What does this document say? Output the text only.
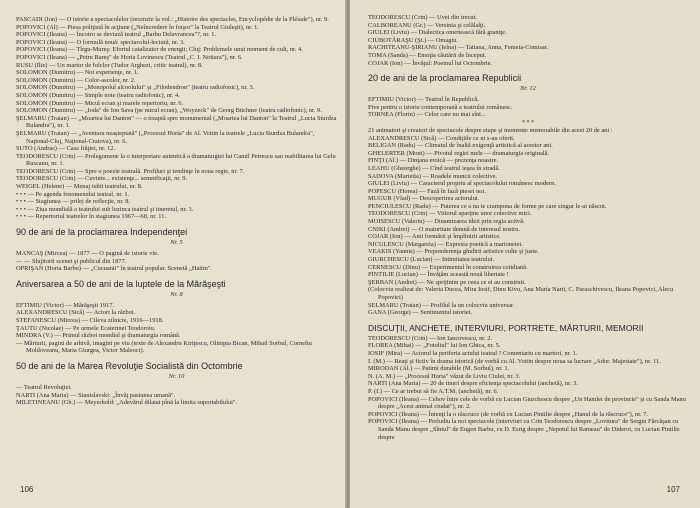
PASCADI (Ion) — O istorie a spectacolelor (recenzie la vol.: „Histoire des spectacles, Encyclopédie de la Pléiade"), nr. 9.

POPOVICI (Al) — Piesa poliţistă în acţiune („Neîncredere în foişor" la Teatrul Giuleşti), nr. 1.

POPOVICI (Ileana) — Încotro se deviază teatrul „Barbu Delavrancea"?, nr. 1.

POPOVICI (Ileana) — O formulă nouă: spectacolul-lectură, nr. 3.

POPOVICI (Ileana) — Tîrgu-Mureş: Efortul catalizator de energii; Cluj: Problemele unui moment de cult, nr. 4.

POPOVICI (Ileana) — „Petru Rareş" de Horia Lovinescu (Teatrul „C. I. Nottara"), nr. 6.

RUSU (Ilie) — Un martor de folclor (Tudor Arghezi, critic teatral), nr. 8.

SOLOMON (Dumitru) — Noi experienţe, nr. 1.

SOLOMON (Dumitru) — Color-ascolor, nr. 2.

SOLOMON (Dumitru) — „Monopolul alcoolului" şi „Filodendron" (teatru radiofonic), nr. 3.

SOLOMON (Dumitru) — Simple note (teatru radiofonic), nr. 4.

SOLOMON (Dumitru) — Micul ecran şi marele repertoriu, nr. 6.

SOLOMON (Dumitru) — „Ioda" de Ion Sava (pe micul ecran), „Woyzeck" de Georg Büchner (teatru radiofonic), nr. 9.

ŞELMARU (Traian) — „Moartea lui Danton" — o treaptă spre monumental („Moartea lui Danton" la Teatrul „Lucia Sturdza Bulandra"), nr. 1.

ŞELMARU (Traian) — „Aventura neaşteptată" („Procesul Horia" de Al. Voitin la teatrele „Lucia Sturdza Bulandra", Naţional-Cluj, Naţional-Craiova), nr. 6.

SUTO (Andras) — Casa frăţiei, nr. 12.

TEODORESCU (Crin) — Prolegomene la o interpretare autentică a dramaturgiei lui Camil Petrescu sau reabilitarea lui Gelu Ruscanu, nr. 1.

TEODORESCU (Crin) — Spre o poezie teatrală. Profiluri şi tendinţe în noua regie, nr. 7.

TEODORESCU (Crin) — Cuvinte... existenţe... semnificaţii, nr. 9.

WEIGEL (Helene) — Menaj iubit teatrului, nr. 8.

• • • — Pe agenda fenomenului teatral, nr. 1.

• • • — Stagiunea — prilej de reflecţie, nr. 8.

• • • — Ziua mondială a teatrului sub lozinca teatrul şi tineretul, nr. 3.

• • • — Repertoriul teatrelor în stagiunea 1967—68, nr. 11.

90 de ani de la proclamarea Independenţei
Nr. 5

MANCAŞ (Mircea) — 1877 — O pagină de istorie vie.

— — Slujitorii scenei şi publicul din 1877.

OPRIŞAN (Horia Barbu) — „Cucuanii" în teatrul popular. Scenetă „Haiim".

Aniversarea a 50 de ani de la luptele de la Mărăşeşti
Nr. 8

EFTIMIU (Victor) — Mărăşeşti 1917.

ALEXANDRESCU (Sică) — Actori la război.

STEFANESCU (Mircea) — Cileva zilnicte, 1916—1918.

ŢAUTU (Nicolae) — Pe urmele Ecaterinei Teodoroiu.

MINDRA (V.) — Primul război mondial şi dramaturgia română.

— Mărturii, pagini de arhivă, imagini pe viu (texte de Alexandru Kiriţescu, Olimpia Bican, Mihail Sorbul, Corneliu Moldoveanu, Maria Giurgea, Victor Maleoci).

50 de ani de la Marea Revoluţie Socialistă din Octombrie
Nr. 10

— Teatrul Revoluţiei.

NARTI (Ana Maria) — Stanislavski: „Învăţ pasiunea umană".

MILETINEANU (Gh.) — Meyerhold: „Adevărul dilatat pînă la limita suportabilului".

106

TEODORESCU (Crin) — Uvei din trecut.

CALBOREANU (Gr.) — Versinia şi celălalţi.

GIULEI (Liviu) — Dialectica omenească fără graniţe.

CIUBOTĂRAŞU (Şt.) — Omagiu.

RACHITEANU-ŞIRIANU (Ielna) — Tatiana, Anna, Femeia-Comisar.

TOMA (Sanda) — Emoţia căutării de început.

COJAR (Ion) — Învăţul: Poemul lui Octombrie.

20 de ani de la proclamarea Republicii
Nr. 12

EFTIMIU (Victor) — Teatrul în Republică.

Five pentru o istorie contemporană a teatrului românesc.

TORNEA (Florin) — Celor care nu mai sînt...

* * *

21 animatori şi creatori de spectacole despre etape şi momente memorabile din acest 20 de ani :

ALEXANDRESCU (Sică) — Condiţiile ce ni s-au oferit.

BELIGAN (Radu) — Climatul de înaltă exigenţă artistică al acestor ani.

GHELERTER (Moni) — Pivotul regiei mele — dramaturgia originală.

FINŢI (Al.) — Dinţana eroică — prezenţa noastre.

LEAHU (Gheorghe) — Cînd teatrul ieşea în stradă.

SADOVA (Marietta) — Roadele muncii colective.

GIULEI (Liviu) — Caracterul propriu al spectacolului românesc modern.

POPESCU (Horea) — Fază în fază piesei noi.

MUGUR (Vlad) — Descoperirea actorului.

PENCIULESCU (Radu) — Puterea ce a nu te crampona de forme pe care singur le-ai născut.

TEODORESCU (Crin) — Viitorul aparţine unor colective mici.

MOISESCU (Valeriu) — Dinamizarea ideii prin regia activă.

CNIKI (Andrei) — O maturitate demnă de interesul nostru.

COJAR (Ion) — Anii formării şi împlinirii artistice.

NICULESCU (Margareta) — Expresia poetică a marionetei.

VEAKIS (Yannis) — Preponderenţa gîndirii artistice culte şi juste.

GIURCHESCU (Lucian) — Intimitatea teatrului.

CERNESCU (Dinu) — Experimentul în construirea cotidiană.

PINTILIE (Lucian) — Învăţăm această nouă libertate !

ŞERBAN (Andrei) — Ne sprijinim pe ceea ce ei au construit.

(Colocviu realizat de: Valeria Ducea, Mira Iosif, Dinu Kivu, Ana Maria Narti, C. Paraschivescu, Ileana Popovici, Alecu Popovici)

SELMARU (Traian) — Profilul la un colocviu universar.

GANA (George) — Sentimentul istoriei.

DISCUŢII, ANCHETE, INTERVIURI, PORTRETE, MĂRTURII, MEMORII

TEODORESCU (Crin) — Ion Iancovescu, nr. 2.

FLOREA (Mihai) — „Fotoliul" lui Ion Ghica, nr. 5.

IOSIF (Mira) — Actorul la periferia actului teatral ? Comentariu cu martori, nr. 1.

I. (M.) — Reaţi şi fictiv în drama istorică (de vorbă cu Al. Voitin despre noua sa lucrare „Ador. Majestate"), nr. 11.

MIRODAN (Al.) — Patimi durabile (M. Sorbul), nr. 1.

N. (A. M.) — „Procesul Horia" văzut de Liviu Ciulei, nr. 3.

NARTI (Ana Maria) — 20 de tineri despre eficienţa spectacolului (anchetă), nr. 3.

P. (I.) — Ce ar trebui să fie A.T.M. (anchetă), nr. 6.

POPOVICI (Ileana) — Cehov între cele de vorbă cu Lucian Giurchescu despre „Un Hamlet de provincie" şi cu Sanda Manu despre „Acest animal ciudat"), nr. 2.

POPOVICI (Ileana) — Întenţi la o răscruce (de vorbă cu Lucian Pintilie despre „Hanul de la răscruce"), nr. 7.

POPOVICI (Ileana) — Preludiu la noi spectacole (interviuri cu Crin Teodorescu despre „Lovitura" de Sergiu Fărcăşan cu Sanda Manu despre „Sîntul" de Eugen Barbu, cu D. Esrig despre „Nepotul lui Rameau" de Diderot, cu Lucian Pintilie despre

107
